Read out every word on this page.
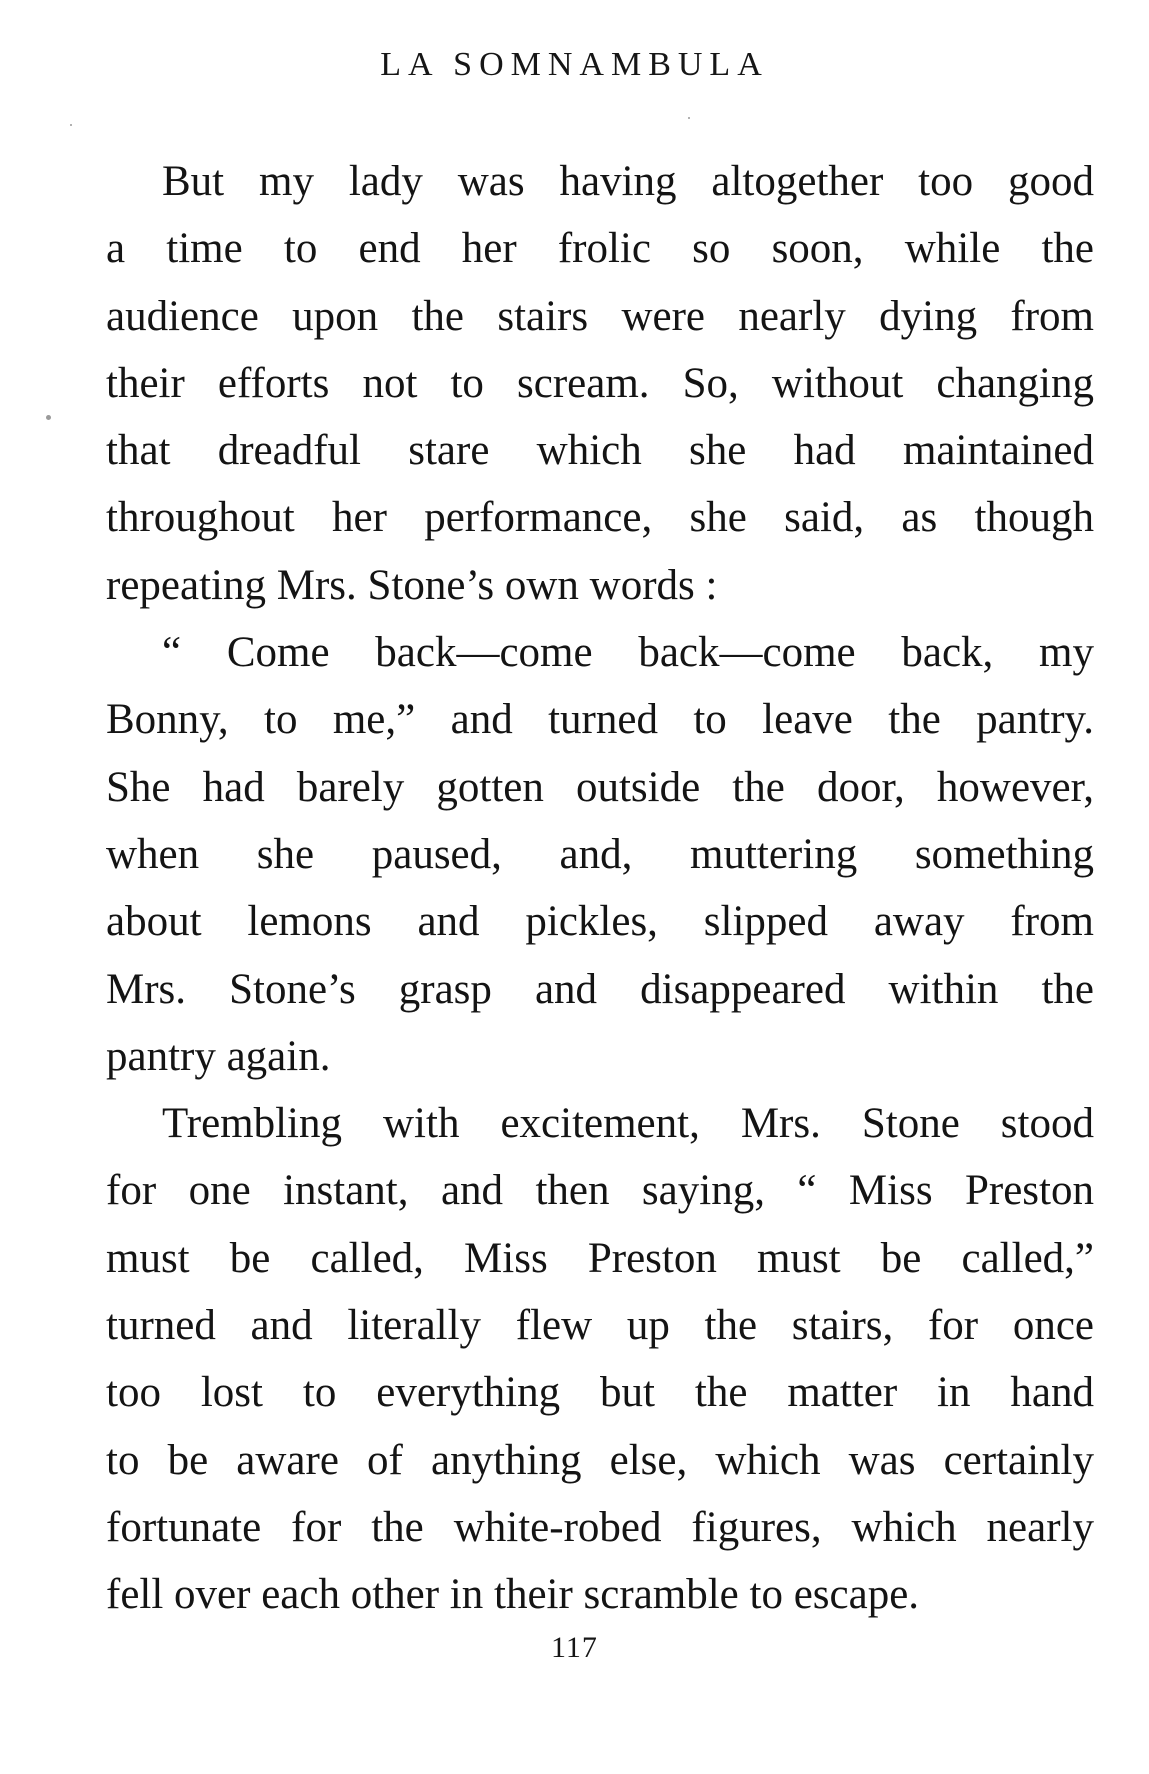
LA SOMNAMBULA
But my lady was having altogether too good
a time to end her frolic so soon, while the
audience upon the stairs were nearly dying from
their efforts not to scream. So, without changing
that dreadful stare which she had maintained
throughout her performance, she said, as though
repeating Mrs. Stone’s own words :
“ Come back—come back—come back, my
Bonny, to me,” and turned to leave the pantry.
She had barely gotten outside the door, however,
when she paused, and, muttering something
about lemons and pickles, slipped away from
Mrs. Stone’s grasp and disappeared within the
pantry again.
Trembling with excitement, Mrs. Stone stood
for one instant, and then saying, “ Miss Preston
must be called, Miss Preston must be called,”
turned and literally flew up the stairs, for once
too lost to everything but the matter in hand
to be aware of anything else, which was certainly
fortunate for the white-robed figures, which nearly
fell over each other in their scramble to escape.
117
